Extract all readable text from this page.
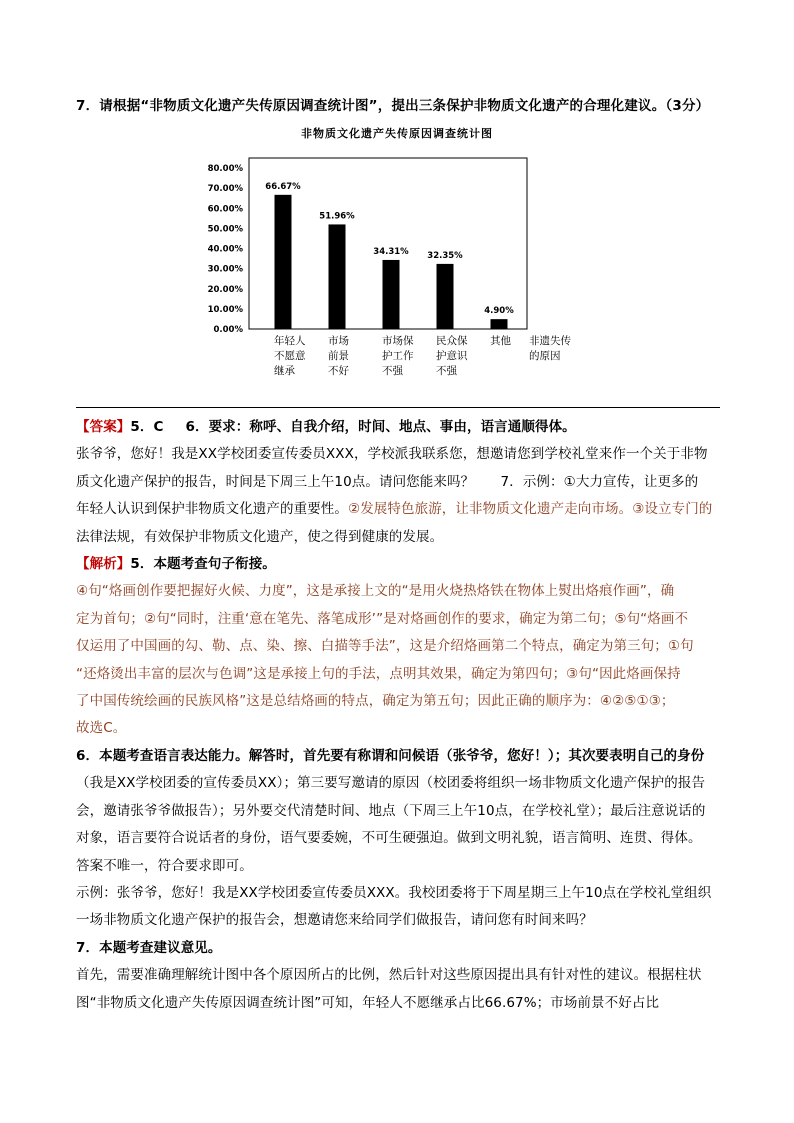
7．请根据“非物质文化遗产失传原因调查统计图”，提出三条保护非物质文化遗产的合理化建议。（3分）
非物质文化遗产失传原因调查统计图
0.00%
10.00%
20.00%
30.00%
40.00%
50.00%
60.00%
70.00%
80.00%
66.67%
51.96%
34.31% 32.35%
4.90%
年轻人
不愿意
继承
市场
前景
不好
市场保
护工作
不强
民众保
护意识
不强
其他 非遗失传
的原因

【答案】5．C 6．要求：称呼、自我介绍，时间、地点、事由，语言通顺得体。

张爷爷，您好！我是XX学校团委宣传委员XXX，学校派我联系您，想邀请您到学校礼堂来作一个关于非物

质文化遗产保护的报告，时间是下周三上午10点。请问您能来吗？ 7．示例：①大力宣传，让更多的

年轻人认识到保护非物质文化遗产的重要性。②发展特色旅游，让非物质文化遗产走向市场。③设立专门的

法律法规，有效保护非物质文化遗产，使之得到健康的发展。

【解析】5．本题考查句子衔接。

④句“烙画创作要把握好火候、力度”，这是承接上文的“是用火烧热烙铁在物体上熨出烙痕作画”，确

定为首句；②句“同时，注重‘意在笔先、落笔成形’”是对烙画创作的要求，确定为第二句；⑤句“烙画不

仅运用了中国画的勾、勒、点、染、擦、白描等手法”，这是介绍烙画第二个特点，确定为第三句；①句

“还烙烫出丰富的层次与色调”这是承接上句的手法，点明其效果，确定为第四句；③句“因此烙画保持

了中国传统绘画的民族风格”这是总结烙画的特点，确定为第五句；因此正确的顺序为：④②⑤①③；

故选C。

6．本题考查语言表达能力。解答时，首先要有称谓和问候语（张爷爷，您好！）；其次要表明自己的身份

（我是XX学校团委的宣传委员XX）；第三要写邀请的原因（校团委将组织一场非物质文化遗产保护的报告

会，邀请张爷爷做报告）；另外要交代清楚时间、地点（下周三上午10点，在学校礼堂）；最后注意说话的

对象，语言要符合说话者的身份，语气要委婉，不可生硬强迫。做到文明礼貌，语言简明、连贯、得体。

答案不唯一，符合要求即可。

示例：张爷爷，您好！我是XX学校团委宣传委员XXX。我校团委将于下周星期三上午10点在学校礼堂组织

一场非物质文化遗产保护的报告会，想邀请您来给同学们做报告，请问您有时间来吗？

7．本题考查建议意见。

首先，需要准确理解统计图中各个原因所占的比例，然后针对这些原因提出具有针对性的建议。根据柱状

图“非物质文化遗产失传原因调查统计图”可知，年轻人不愿继承占比66.67%；市场前景不好占比
